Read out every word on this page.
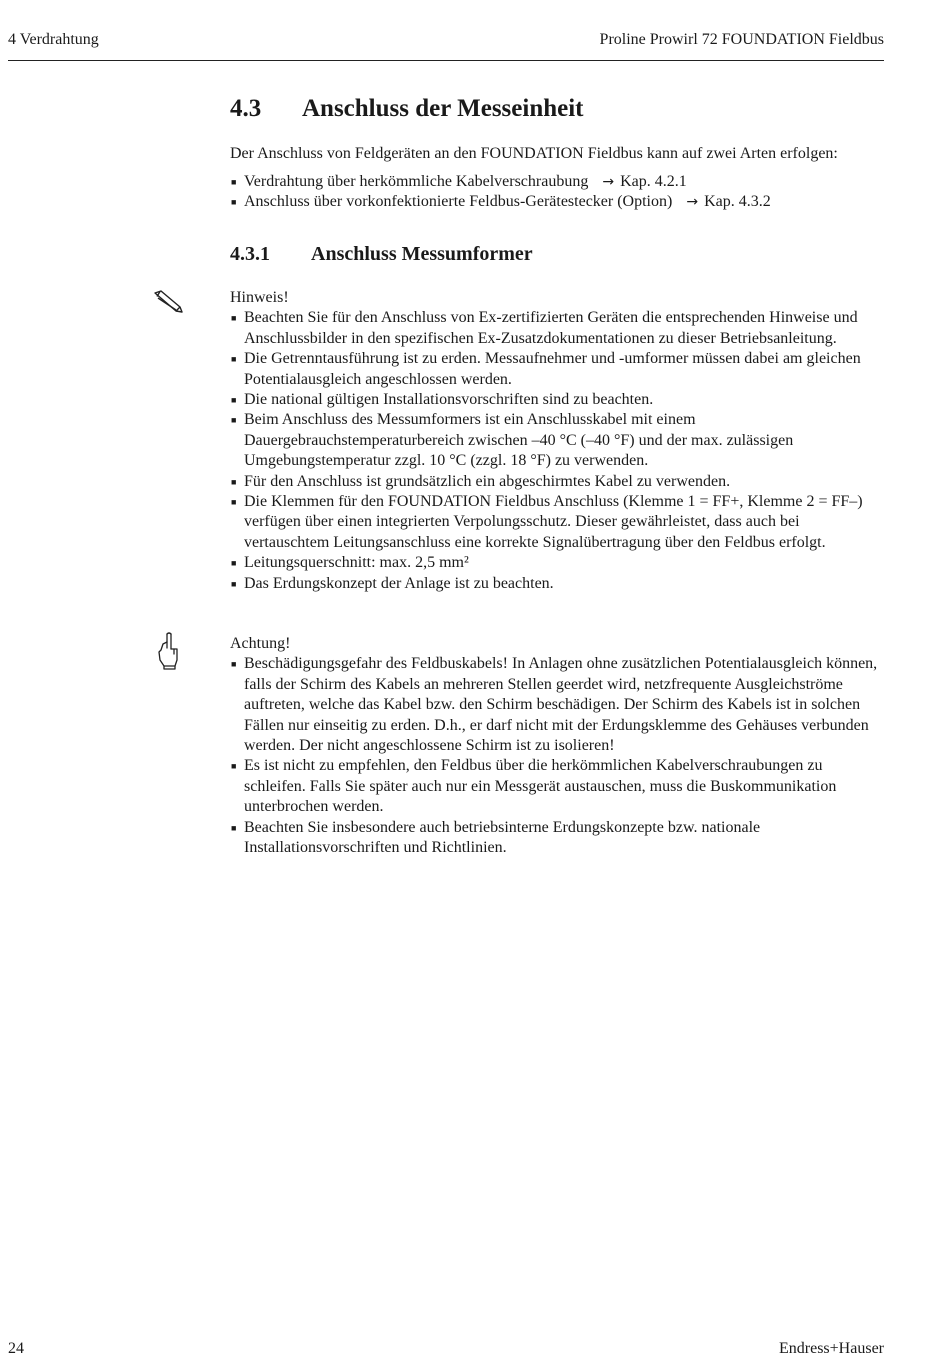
4 Verdrahtung	Proline Prowirl 72 FOUNDATION Fieldbus
4.3 Anschluss der Messeinheit
Der Anschluss von Feldgeräten an den FOUNDATION Fieldbus kann auf zwei Arten erfolgen:
■ Verdrahtung über herkömmliche Kabelverschraubung → Kap. 4.2.1
■ Anschluss über vorkonfektionierte Feldbus-Gerätestecker (Option) → Kap. 4.3.2
4.3.1 Anschluss Messumformer
Hinweis!
■ Beachten Sie für den Anschluss von Ex-zertifizierten Geräten die entsprechenden Hinweise und Anschlussbilder in den spezifischen Ex-Zusatzdokumentationen zu dieser Betriebsanleitung.
■ Die Getrenntausführung ist zu erden. Messaufnehmer und -umformer müssen dabei am gleichen Potentialausgleich angeschlossen werden.
■ Die national gültigen Installationsvorschriften sind zu beachten.
■ Beim Anschluss des Messumformers ist ein Anschlusskabel mit einem Dauergebrauchstemperaturbereich zwischen –40 °C (–40 °F) und der max. zulässigen Umgebungstemperatur zzgl. 10 °C (zzgl. 18 °F) zu verwenden.
■ Für den Anschluss ist grundsätzlich ein abgeschirmtes Kabel zu verwenden.
■ Die Klemmen für den FOUNDATION Fieldbus Anschluss (Klemme 1 = FF+, Klemme 2 = FF–) verfügen über einen integrierten Verpolungsschutz. Dieser gewährleistet, dass auch bei vertauschtem Leitungsanschluss eine korrekte Signalübertragung über den Feldbus erfolgt.
■ Leitungsquerschnitt: max. 2,5 mm²
■ Das Erdungskonzept der Anlage ist zu beachten.
Achtung!
■ Beschädigungsgefahr des Feldbuskabels! In Anlagen ohne zusätzlichen Potentialausgleich können, falls der Schirm des Kabels an mehreren Stellen geerdet wird, netzfrequente Ausgleichströme auftreten, welche das Kabel bzw. den Schirm beschädigen. Der Schirm des Kabels ist in solchen Fällen nur einseitig zu erden. D.h., er darf nicht mit der Erdungsklemme des Gehäuses verbunden werden. Der nicht angeschlossene Schirm ist zu isolieren!
■ Es ist nicht zu empfehlen, den Feldbus über die herkömmlichen Kabelverschraubungen zu schleifen. Falls Sie später auch nur ein Messgerät austauschen, muss die Buskommunikation unterbrochen werden.
■ Beachten Sie insbesondere auch betriebsinterne Erdungskonzepte bzw. nationale Installationsvorschriften und Richtlinien.
24	Endress+Hauser
